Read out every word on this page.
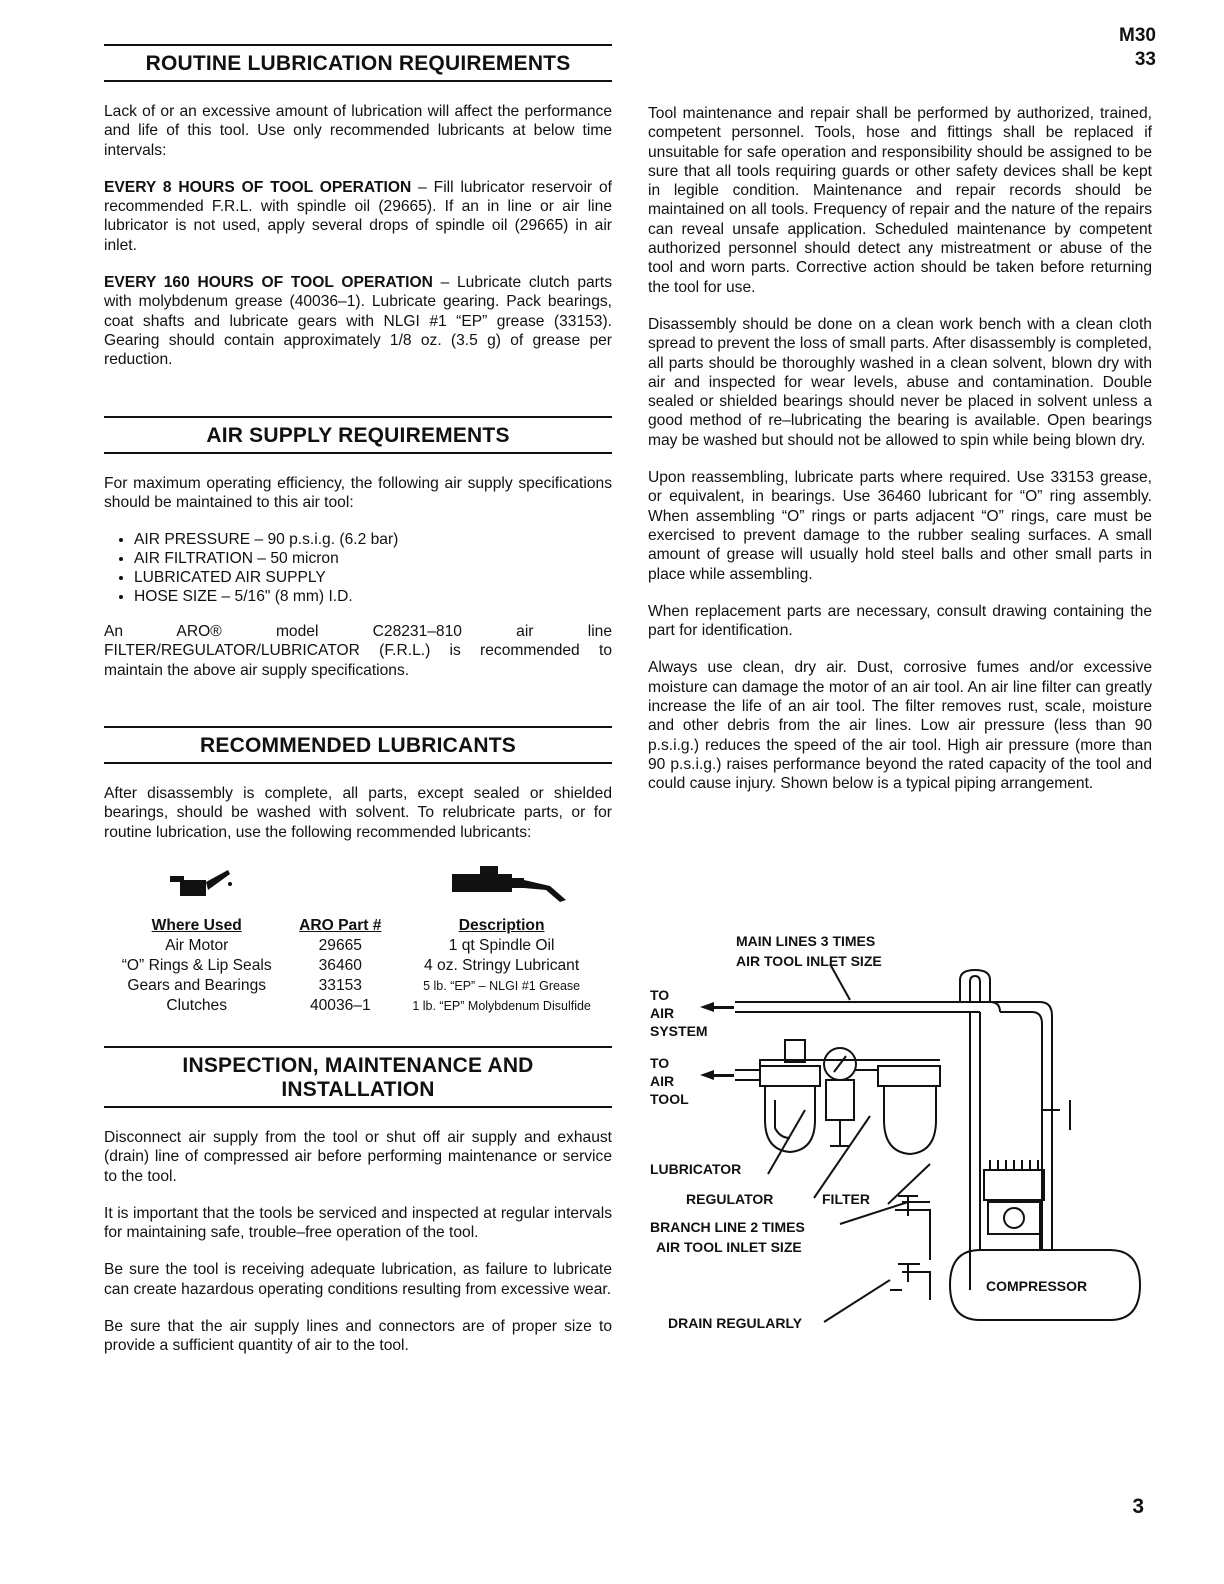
M30
33
ROUTINE LUBRICATION REQUIREMENTS

Lack of or an excessive amount of lubrication will affect the performance and life of this tool. Use only recommended lubricants at below time intervals:

EVERY 8 HOURS OF TOOL OPERATION – Fill lubricator reservoir of recommended F.R.L. with spindle oil (29665). If an in line or air line lubricator is not used, apply several drops of spindle oil (29665) in air inlet.

EVERY 160 HOURS OF TOOL OPERATION – Lubricate clutch parts with molybdenum grease (40036–1). Lubricate gearing. Pack bearings, coat shafts and lubricate gears with NLGI #1 “EP” grease (33153). Gearing should contain approximately 1/8 oz. (3.5 g) of grease per reduction.

AIR SUPPLY REQUIREMENTS

For maximum operating efficiency, the following air supply specifications should be maintained to this air tool:

• AIR PRESSURE – 90 p.s.i.g. (6.2 bar)
• AIR FILTRATION – 50 micron
• LUBRICATED AIR SUPPLY
• HOSE SIZE – 5/16" (8 mm) I.D.

An ARO® model C28231–810 air line FILTER/REGULATOR/LUBRICATOR (F.R.L.) is recommended to maintain the above air supply specifications.

RECOMMENDED LUBRICANTS

After disassembly is complete, all parts, except sealed or shielded bearings, should be washed with solvent. To relubricate parts, or for routine lubrication, use the following recommended lubricants:

Where Used	ARO Part #	Description
Air Motor	29665	1 qt Spindle Oil
“O” Rings & Lip Seals	36460	4 oz. Stringy Lubricant
Gears and Bearings	33153	5 lb. “EP” – NLGI #1 Grease
Clutches	40036–1	1 lb. “EP” Molybdenum Disulfide
INSPECTION, MAINTENANCE AND INSTALLATION

Disconnect air supply from the tool or shut off air supply and exhaust (drain) line of compressed air before performing maintenance or service to the tool.

It is important that the tools be serviced and inspected at regular intervals for maintaining safe, trouble–free operation of the tool.

Be sure the tool is receiving adequate lubrication, as failure to lubricate can create hazardous operating conditions resulting from excessive wear.

Be sure that the air supply lines and connectors are of proper size to provide a sufficient quantity of air to the tool.

Tool maintenance and repair shall be performed by authorized, trained, competent personnel. Tools, hose and fittings shall be replaced if unsuitable for safe operation and responsibility should be assigned to be sure that all tools requiring guards or other safety devices shall be kept in legible condition. Maintenance and repair records should be maintained on all tools. Frequency of repair and the nature of the repairs can reveal unsafe application. Scheduled maintenance by competent authorized personnel should detect any mistreatment or abuse of the tool and worn parts. Corrective action should be taken before returning the tool for use.

Disassembly should be done on a clean work bench with a clean cloth spread to prevent the loss of small parts. After disassembly is completed, all parts should be thoroughly washed in a clean solvent, blown dry with air and inspected for wear levels, abuse and contamination. Double sealed or shielded bearings should never be placed in solvent unless a good method of re–lubricating the bearing is available. Open bearings may be washed but should not be allowed to spin while being blown dry.

Upon reassembling, lubricate parts where required. Use 33153 grease, or equivalent, in bearings. Use 36460 lubricant for “O” ring assembly. When assembling “O” rings or parts adjacent “O” rings, care must be exercised to prevent damage to the rubber sealing surfaces. A small amount of grease will usually hold steel balls and other small parts in place while assembling.

When replacement parts are necessary, consult drawing containing the part for identification.

Always use clean, dry air. Dust, corrosive fumes and/or excessive moisture can damage the motor of an air tool. An air line filter can greatly increase the life of an air tool. The filter removes rust, scale, moisture and other debris from the air lines. Low air pressure (less than 90 p.s.i.g.) reduces the speed of the air tool. High air pressure (more than 90 p.s.i.g.) raises performance beyond the rated capacity of the tool and could cause injury. Shown below is a typical piping arrangement.

MAIN LINES 3 TIMES
AIR TOOL INLET SIZE
TO
AIR
SYSTEM
TO
AIR
TOOL
LUBRICATOR
REGULATOR	FILTER
BRANCH LINE 2 TIMES
AIR TOOL INLET SIZE
COMPRESSOR
DRAIN REGULARLY
3
